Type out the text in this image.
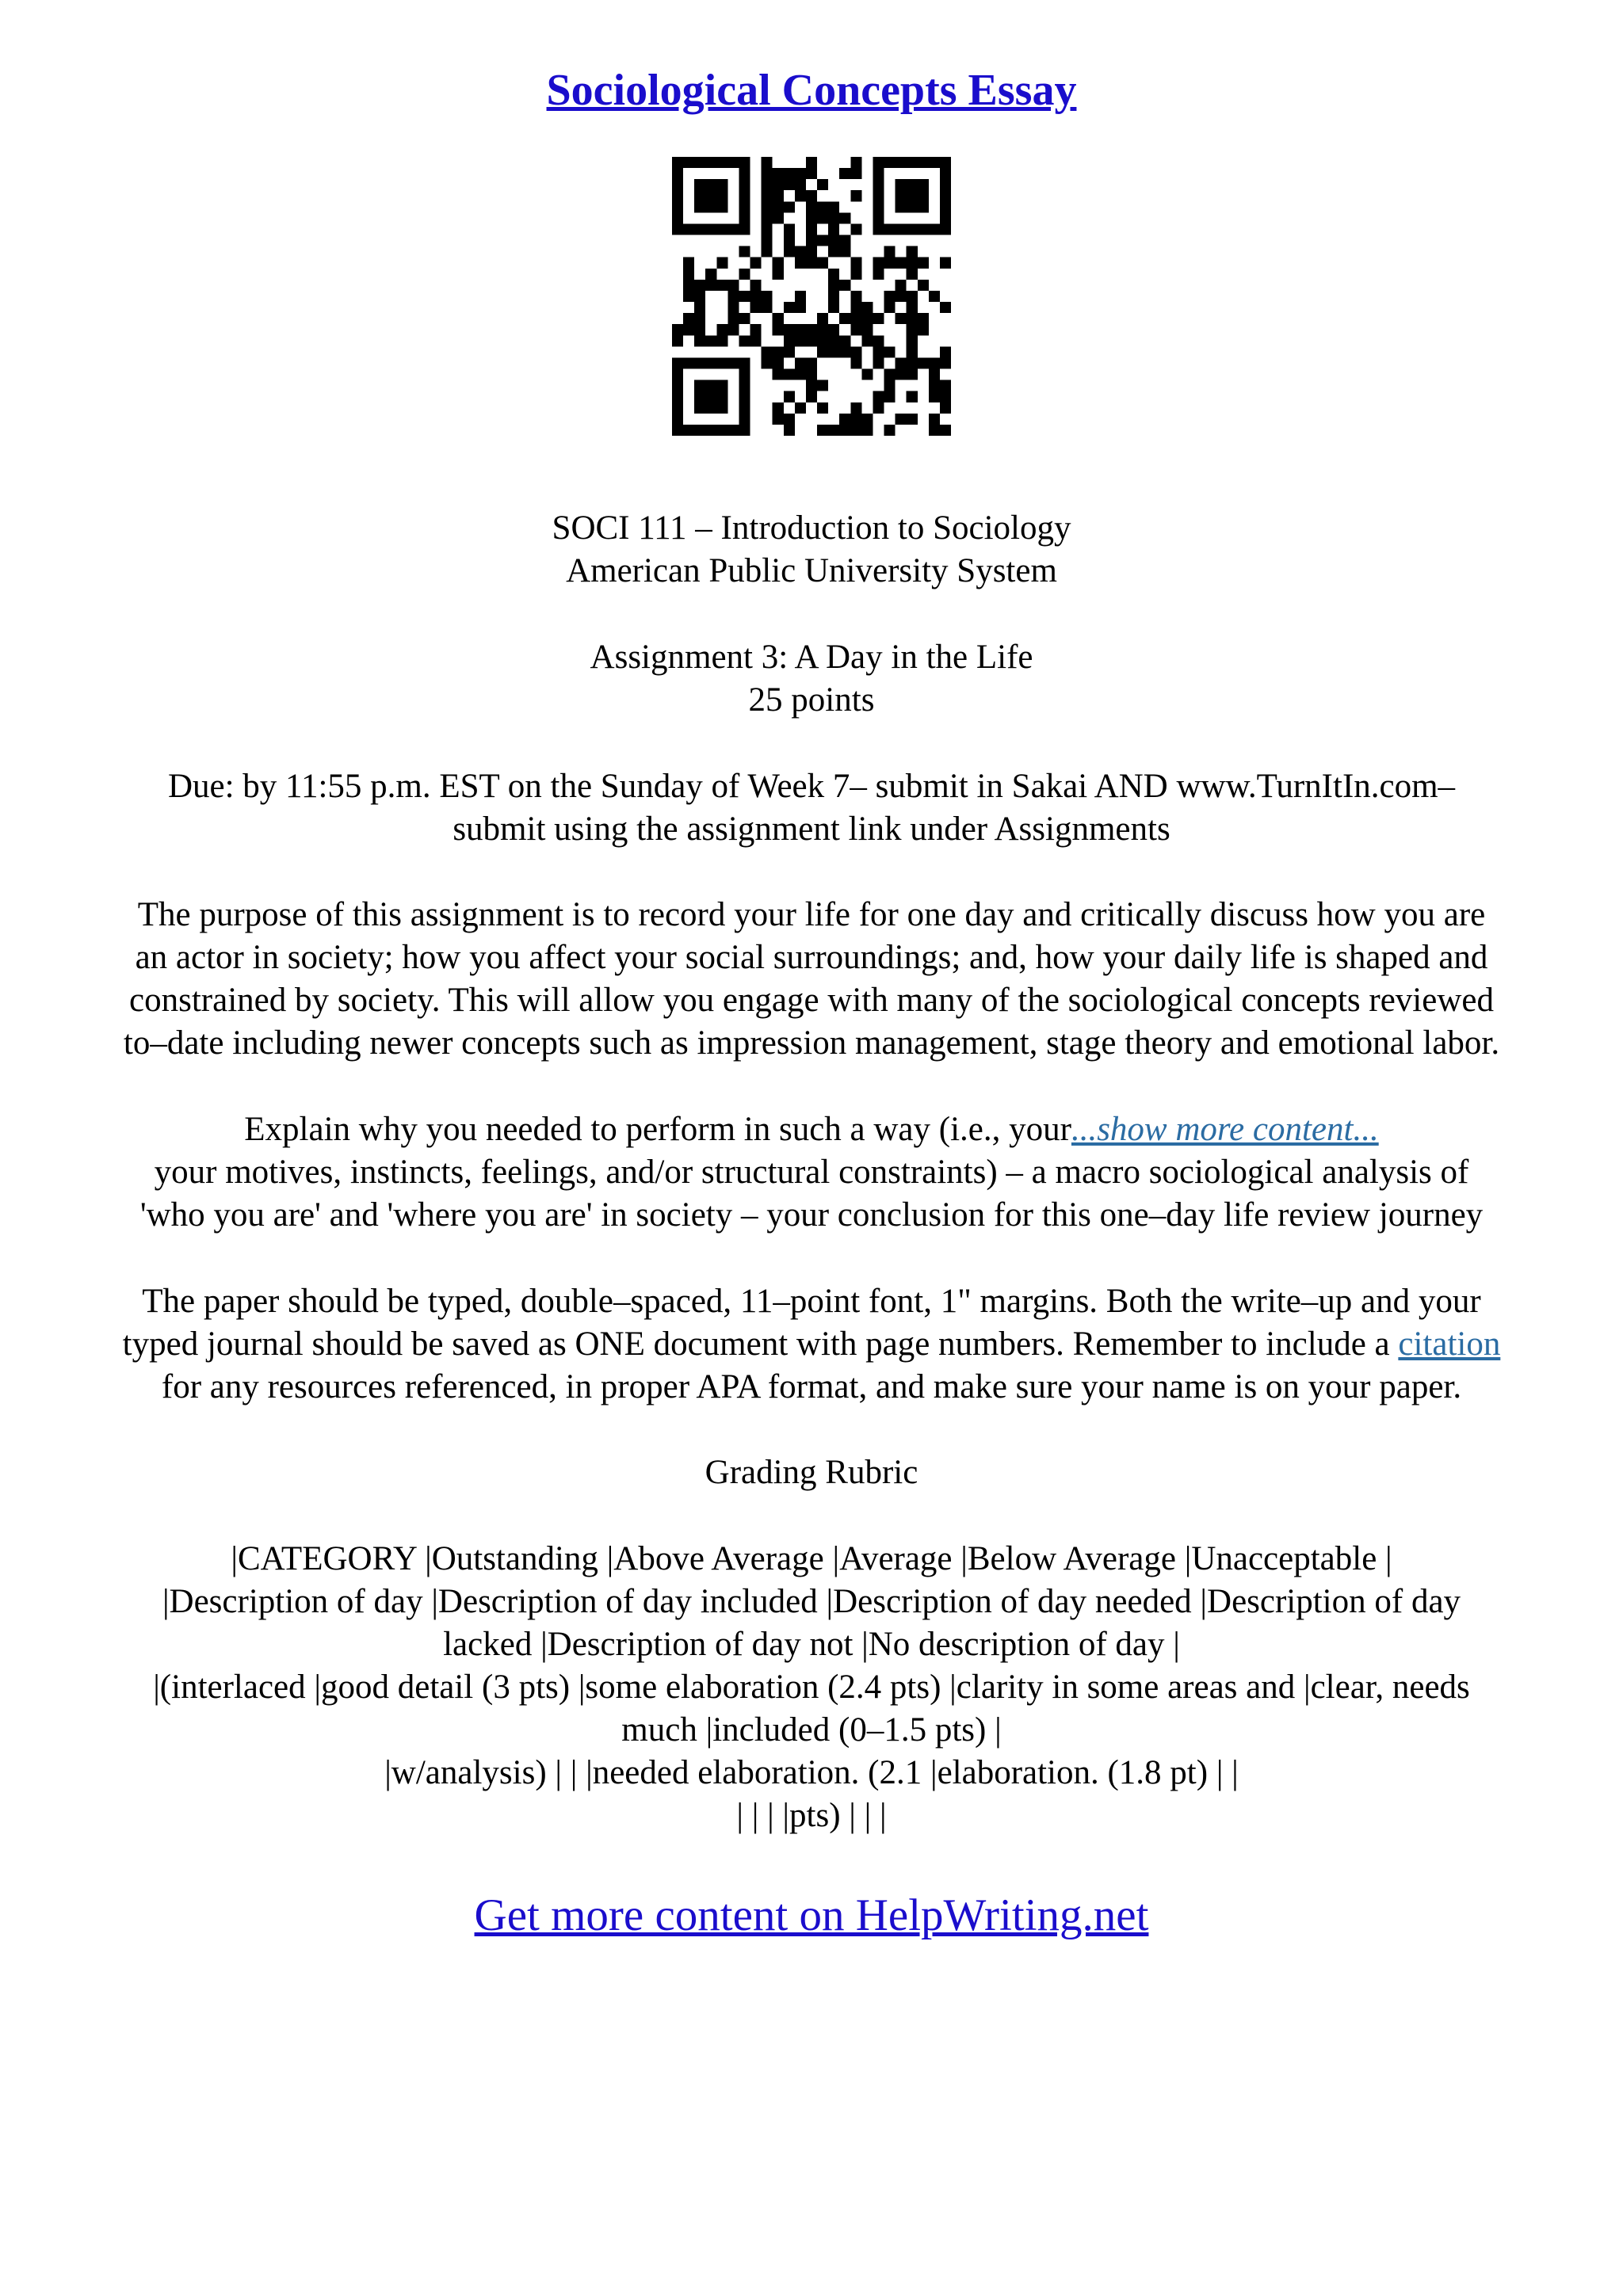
Sociological Concepts Essay

SOCI 111 – Introduction to Sociology

American Public University System

Assignment 3: A Day in the Life

25 points

Due: by 11:55 p.m. EST on the Sunday of Week 7– submit in Sakai AND www.TurnItIn.com–

submit using the assignment link under Assignments

The purpose of this assignment is to record your life for one day and critically discuss how you are

an actor in society; how you affect your social surroundings; and, how your daily life is shaped and

constrained by society. This will allow you engage with many of the sociological concepts reviewed

to–date including newer concepts such as impression management, stage theory and emotional labor.

Explain why you needed to perform in such a way (i.e., your...show more content...

your motives, instincts, feelings, and/or structural constraints) – a macro sociological analysis of

'who you are' and 'where you are' in society – your conclusion for this one–day life review journey

The paper should be typed, double–spaced, 11–point font, 1" margins. Both the write–up and your

typed journal should be saved as ONE document with page numbers. Remember to include a citation

for any resources referenced, in proper APA format, and make sure your name is on your paper.

Grading Rubric

|CATEGORY |Outstanding |Above Average |Average |Below Average |Unacceptable |

|Description of day |Description of day included |Description of day needed |Description of day

lacked |Description of day not |No description of day |

|(interlaced |good detail (3 pts) |some elaboration (2.4 pts) |clarity in some areas and |clear, needs

much |included (0–1.5 pts) |

|w/analysis) | | |needed elaboration. (2.1 |elaboration. (1.8 pt) | |

| | | |pts) | | |

Get more content on HelpWriting.net
